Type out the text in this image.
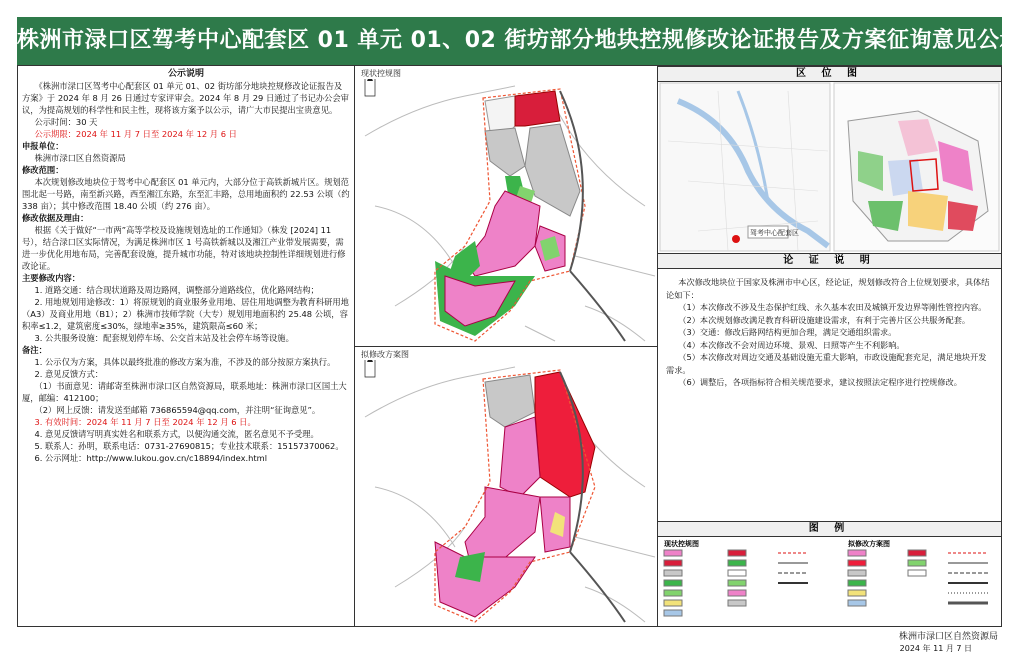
株洲市渌口区驾考中心配套区 01 单元 01、02 街坊部分地块控规修改论证报告及方案征询意见公示
公示说明

《株洲市渌口区驾考中心配套区 01 单元 01、02 街坊部分地块控规修改论证报告及方案》于 2024 年 8 月 26 日通过专家评审会。2024 年 8 月 29 日通过了书记办公会审议，为提高规划的科学性和民主性，现将该方案予以公示，请广大市民提出宝贵意见。

公示时间：30 天

公示期限：2024 年 11 月 7 日至 2024 年 12 月 6 日

申报单位：

株洲市渌口区自然资源局

修改范围：

本次规划修改地块位于驾考中心配套区 01 单元内，大部分位于高铁新城片区。规划范围北起一号路，南至新兴路，西至湘江东路，东至汇丰路，总用地面积约 22.53 公顷（约 338 亩）；其中修改范围 18.40 公顷（约 276 亩）。

修改依据及理由：

根据《关于做好“一市两”高等学校及设施规划选址的工作通知》（株发 [2024] 11 号），结合渌口区实际情况，为满足株洲市区 1 号高铁新城以及湘江产业带发展需要，需进一步优化用地布局，完善配套设施，提升城市功能，特对该地块控制性详细规划进行修改论证。

主要修改内容：

1. 道路交通：结合现状道路及周边路网，调整部分道路线位，优化路网结构；

2. 用地规划用途修改：1）将原规划的商业服务业用地、居住用地调整为教育科研用地（A3）及商业用地（B1）；2）株洲市技师学院（大专）规划用地面积约 25.48 公顷，容积率≤1.2，建筑密度≤30%，绿地率≥35%，建筑限高≤60 米；

3. 公共服务设施：配套规划停车场、公交首末站及社会停车场等设施。

备注：

1. 公示仅为方案，具体以最终批准的修改方案为准，不涉及的部分按原方案执行。

2. 意见反馈方式：

（1）书面意见：请邮寄至株洲市渌口区自然资源局，联系地址：株洲市渌口区国土大厦，邮编：412100；

（2）网上反馈：请发送至邮箱 736865594@qq.com，并注明“征询意见”。

3. 有效时间：2024 年 11 月 7 日至 2024 年 12 月 6 日。

4. 意见反馈请写明真实姓名和联系方式，以便沟通交流，匿名意见不予受理。

5. 联系人：孙明，联系电话：0731-27690815；专业技术联系：15157370062。

6. 公示网址：http://www.lukou.gov.cn/c18894/index.html

现状控规图
拟修改方案图
区 位 图
驾考中心配套区
论 证 说 明

本次修改地块位于国家及株洲市中心区，经论证，规划修改符合上位规划要求，具体结论如下：

（1）本次修改不涉及生态保护红线、永久基本农田及城镇开发边界等刚性管控内容。

（2）本次规划修改满足教育科研设施建设需求，有利于完善片区公共服务配套。

（3）交通：修改后路网结构更加合理，满足交通组织需求。

（4）本次修改不会对周边环境、景观、日照等产生不利影响。

（5）本次修改对周边交通及基础设施无重大影响，市政设施配套充足，满足地块开发需求。

（6）调整后，各项指标符合相关规范要求，建议按照法定程序进行控规修改。

图 例
现状控规图	拟修改方案图
株洲市渌口区自然资源局
2024 年 11 月 7 日
